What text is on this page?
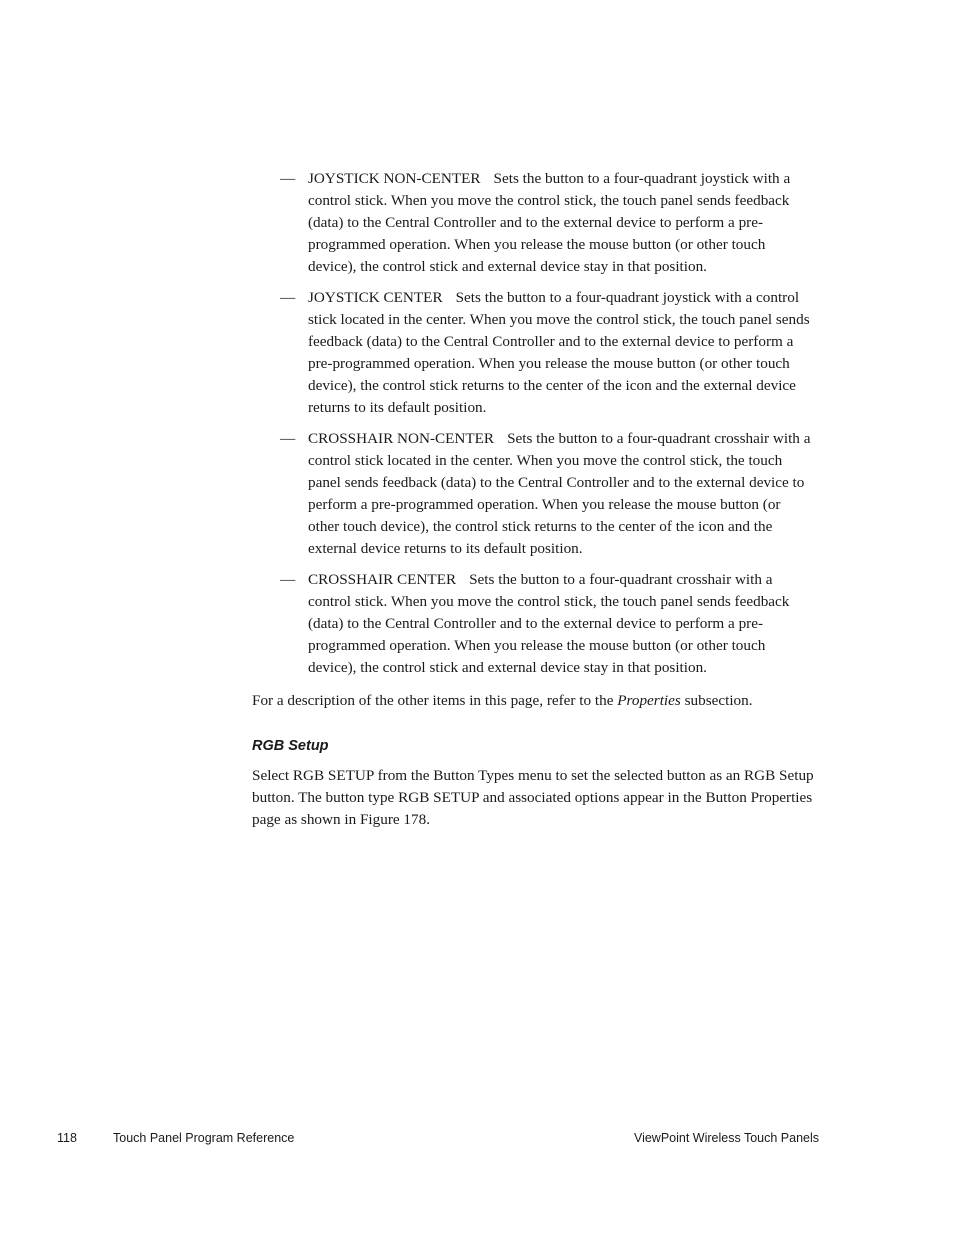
— JOYSTICK NON-CENTER Sets the button to a four-quadrant joystick with a control stick. When you move the control stick, the touch panel sends feedback (data) to the Central Controller and to the external device to perform a pre-programmed operation. When you release the mouse button (or other touch device), the control stick and external device stay in that position.
— JOYSTICK CENTER Sets the button to a four-quadrant joystick with a control stick located in the center. When you move the control stick, the touch panel sends feedback (data) to the Central Controller and to the external device to perform a pre-programmed operation. When you release the mouse button (or other touch device), the control stick returns to the center of the icon and the external device returns to its default position.
— CROSSHAIR NON-CENTER Sets the button to a four-quadrant crosshair with a control stick located in the center. When you move the control stick, the touch panel sends feedback (data) to the Central Controller and to the external device to perform a pre-programmed operation. When you release the mouse button (or other touch device), the control stick returns to the center of the icon and the external device returns to its default position.
— CROSSHAIR CENTER Sets the button to a four-quadrant crosshair with a control stick. When you move the control stick, the touch panel sends feedback (data) to the Central Controller and to the external device to perform a pre-programmed operation. When you release the mouse button (or other touch device), the control stick and external device stay in that position.

For a description of the other items in this page, refer to the Properties subsection.

RGB Setup

Select RGB SETUP from the Button Types menu to set the selected button as an RGB Setup button. The button type RGB SETUP and associated options appear in the Button Properties page as shown in Figure 178.

118	Touch Panel Program Reference	ViewPoint Wireless Touch Panels
